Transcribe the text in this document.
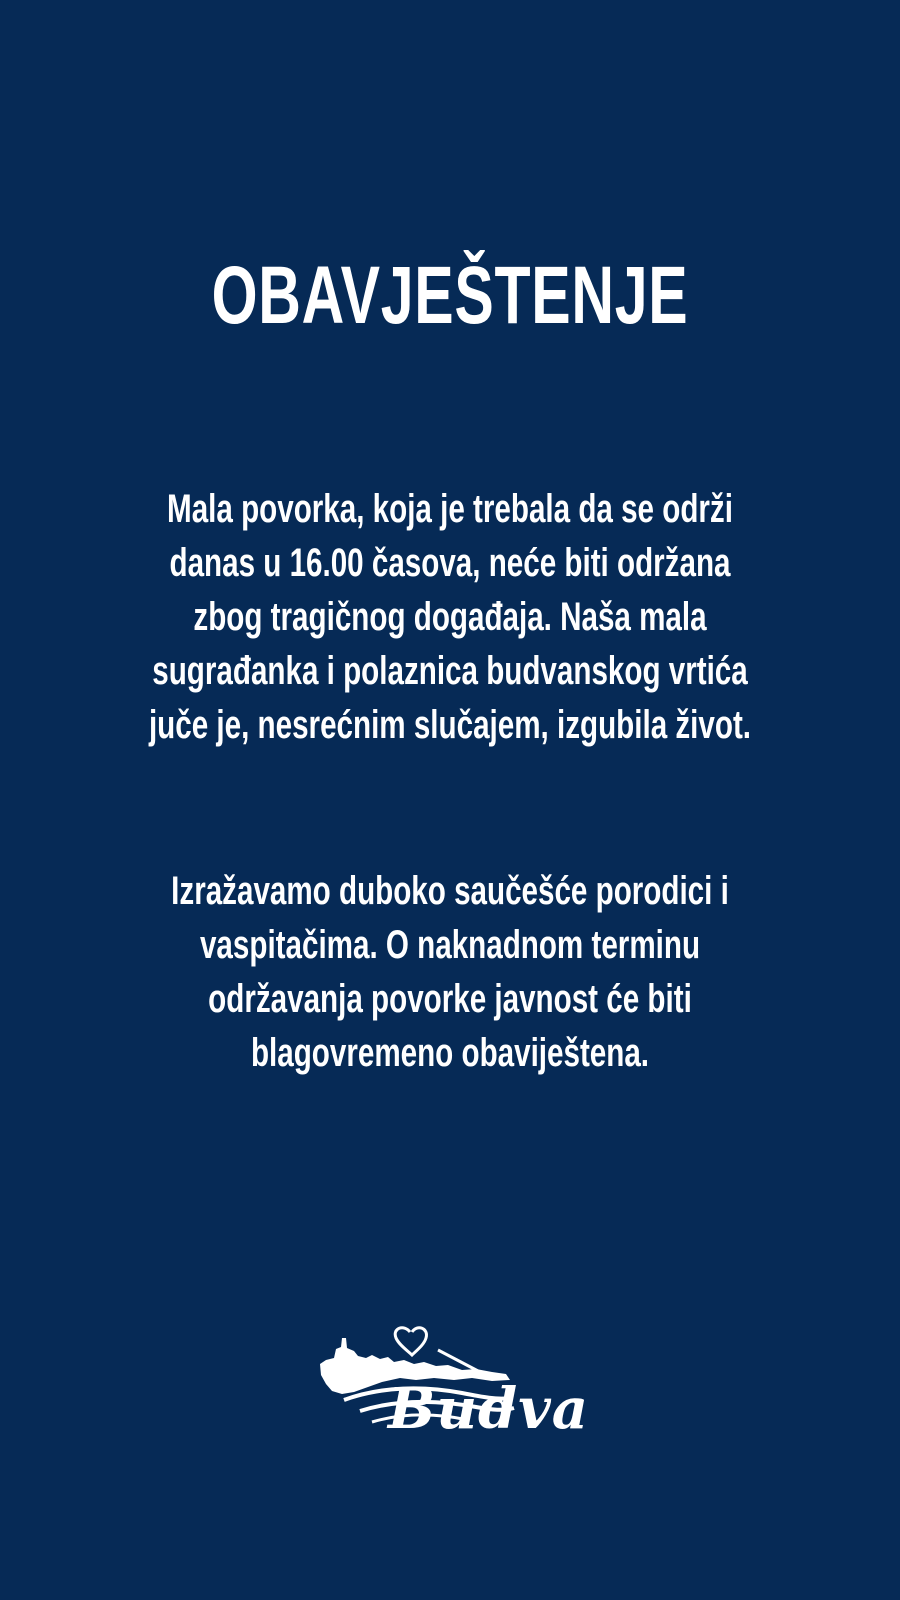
OBAVJEŠTENJE
Mala povorka, koja je trebala da se održi
danas u 16.00 časova, neće biti održana
zbog tragičnog događaja. Naša mala
sugrađanka i polaznica budvanskog vrtića
juče je, nesrećnim slučajem, izgubila život.
Izražavamo duboko saučešće porodici i
vaspitačima. O naknadnom terminu
održavanja povorke javnost će biti
blagovremeno obaviještena.
Budva
